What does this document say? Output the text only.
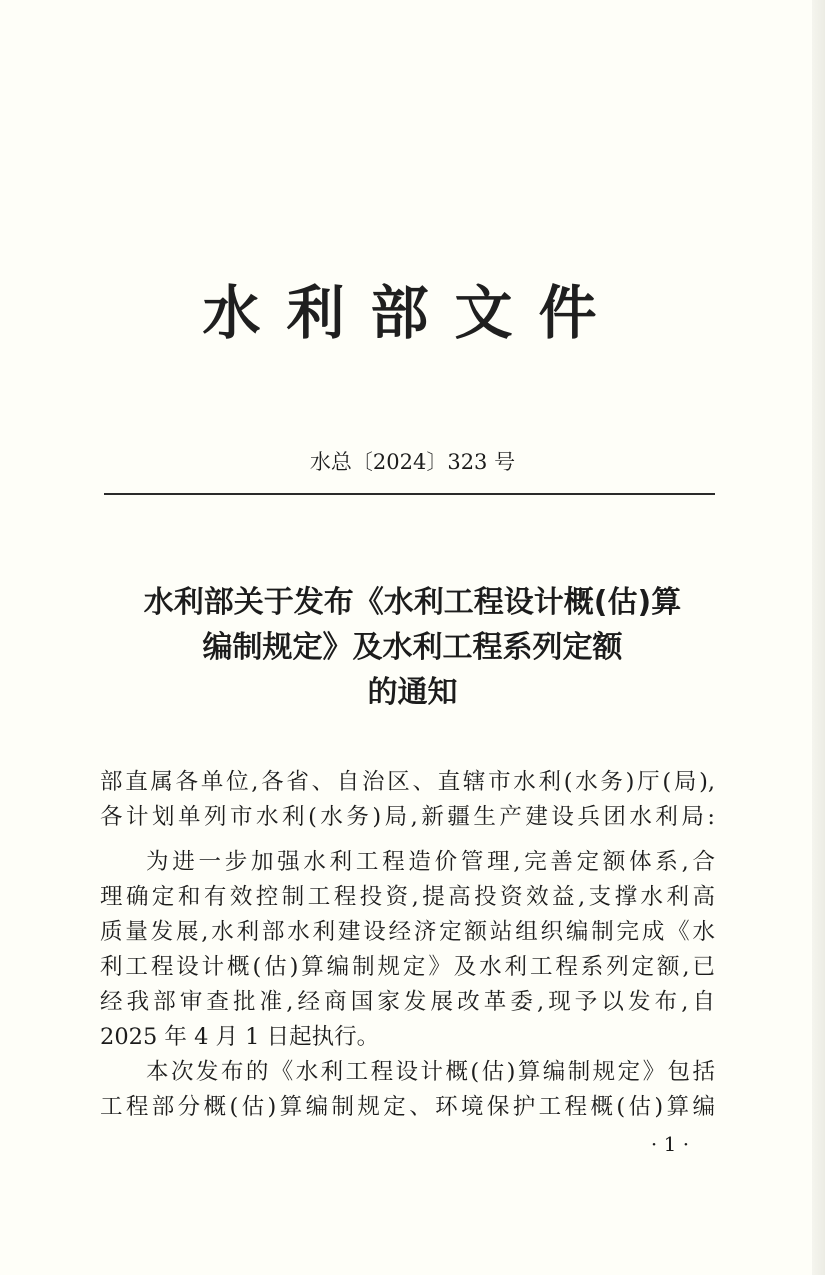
水利部文件
水总〔2024〕323 号
水利部关于发布《水利工程设计概(估)算
编制规定》及水利工程系列定额
的通知
部直属各单位,各省、自治区、直辖市水利(水务)厅(局),
各计划单列市水利(水务)局,新疆生产建设兵团水利局:
为进一步加强水利工程造价管理,完善定额体系,合
理确定和有效控制工程投资,提高投资效益,支撑水利高
质量发展,水利部水利建设经济定额站组织编制完成《水
利工程设计概(估)算编制规定》及水利工程系列定额,已
经我部审查批准,经商国家发展改革委,现予以发布,自
2025 年 4 月 1 日起执行。
本次发布的《水利工程设计概(估)算编制规定》包括
工程部分概(估)算编制规定、环境保护工程概(估)算编
· 1 ·
